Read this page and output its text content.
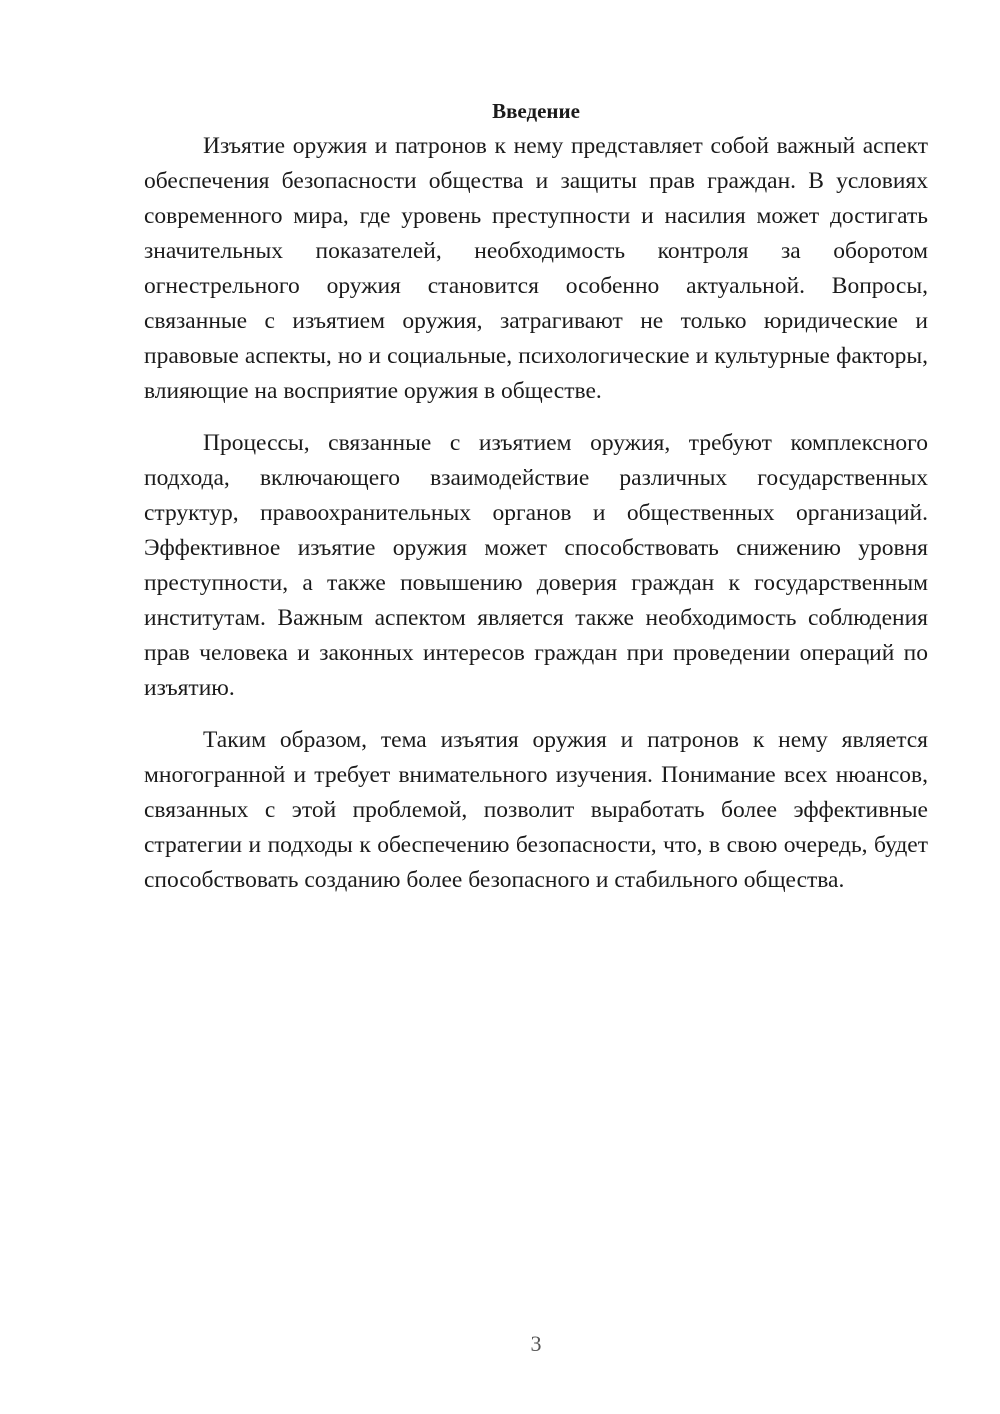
Введение

Изъятие оружия и патронов к нему представляет собой важный аспект обеспечения безопасности общества и защиты прав граждан. В условиях современного мира, где уровень преступности и насилия может достигать значительных показателей, необходимость контроля за оборотом огнестрельного оружия становится особенно актуальной. Вопросы, связанные с изъятием оружия, затрагивают не только юридические и правовые аспекты, но и социальные, психологические и культурные факторы, влияющие на восприятие оружия в обществе.

Процессы, связанные с изъятием оружия, требуют комплексного подхода, включающего взаимодействие различных государственных структур, правоохранительных органов и общественных организаций. Эффективное изъятие оружия может способствовать снижению уровня преступности, а также повышению доверия граждан к государственным институтам. Важным аспектом является также необходимость соблюдения прав человека и законных интересов граждан при проведении операций по изъятию.

Таким образом, тема изъятия оружия и патронов к нему является многогранной и требует внимательного изучения. Понимание всех нюансов, связанных с этой проблемой, позволит выработать более эффективные стратегии и подходы к обеспечению безопасности, что, в свою очередь, будет способствовать созданию более безопасного и стабильного общества.

3
